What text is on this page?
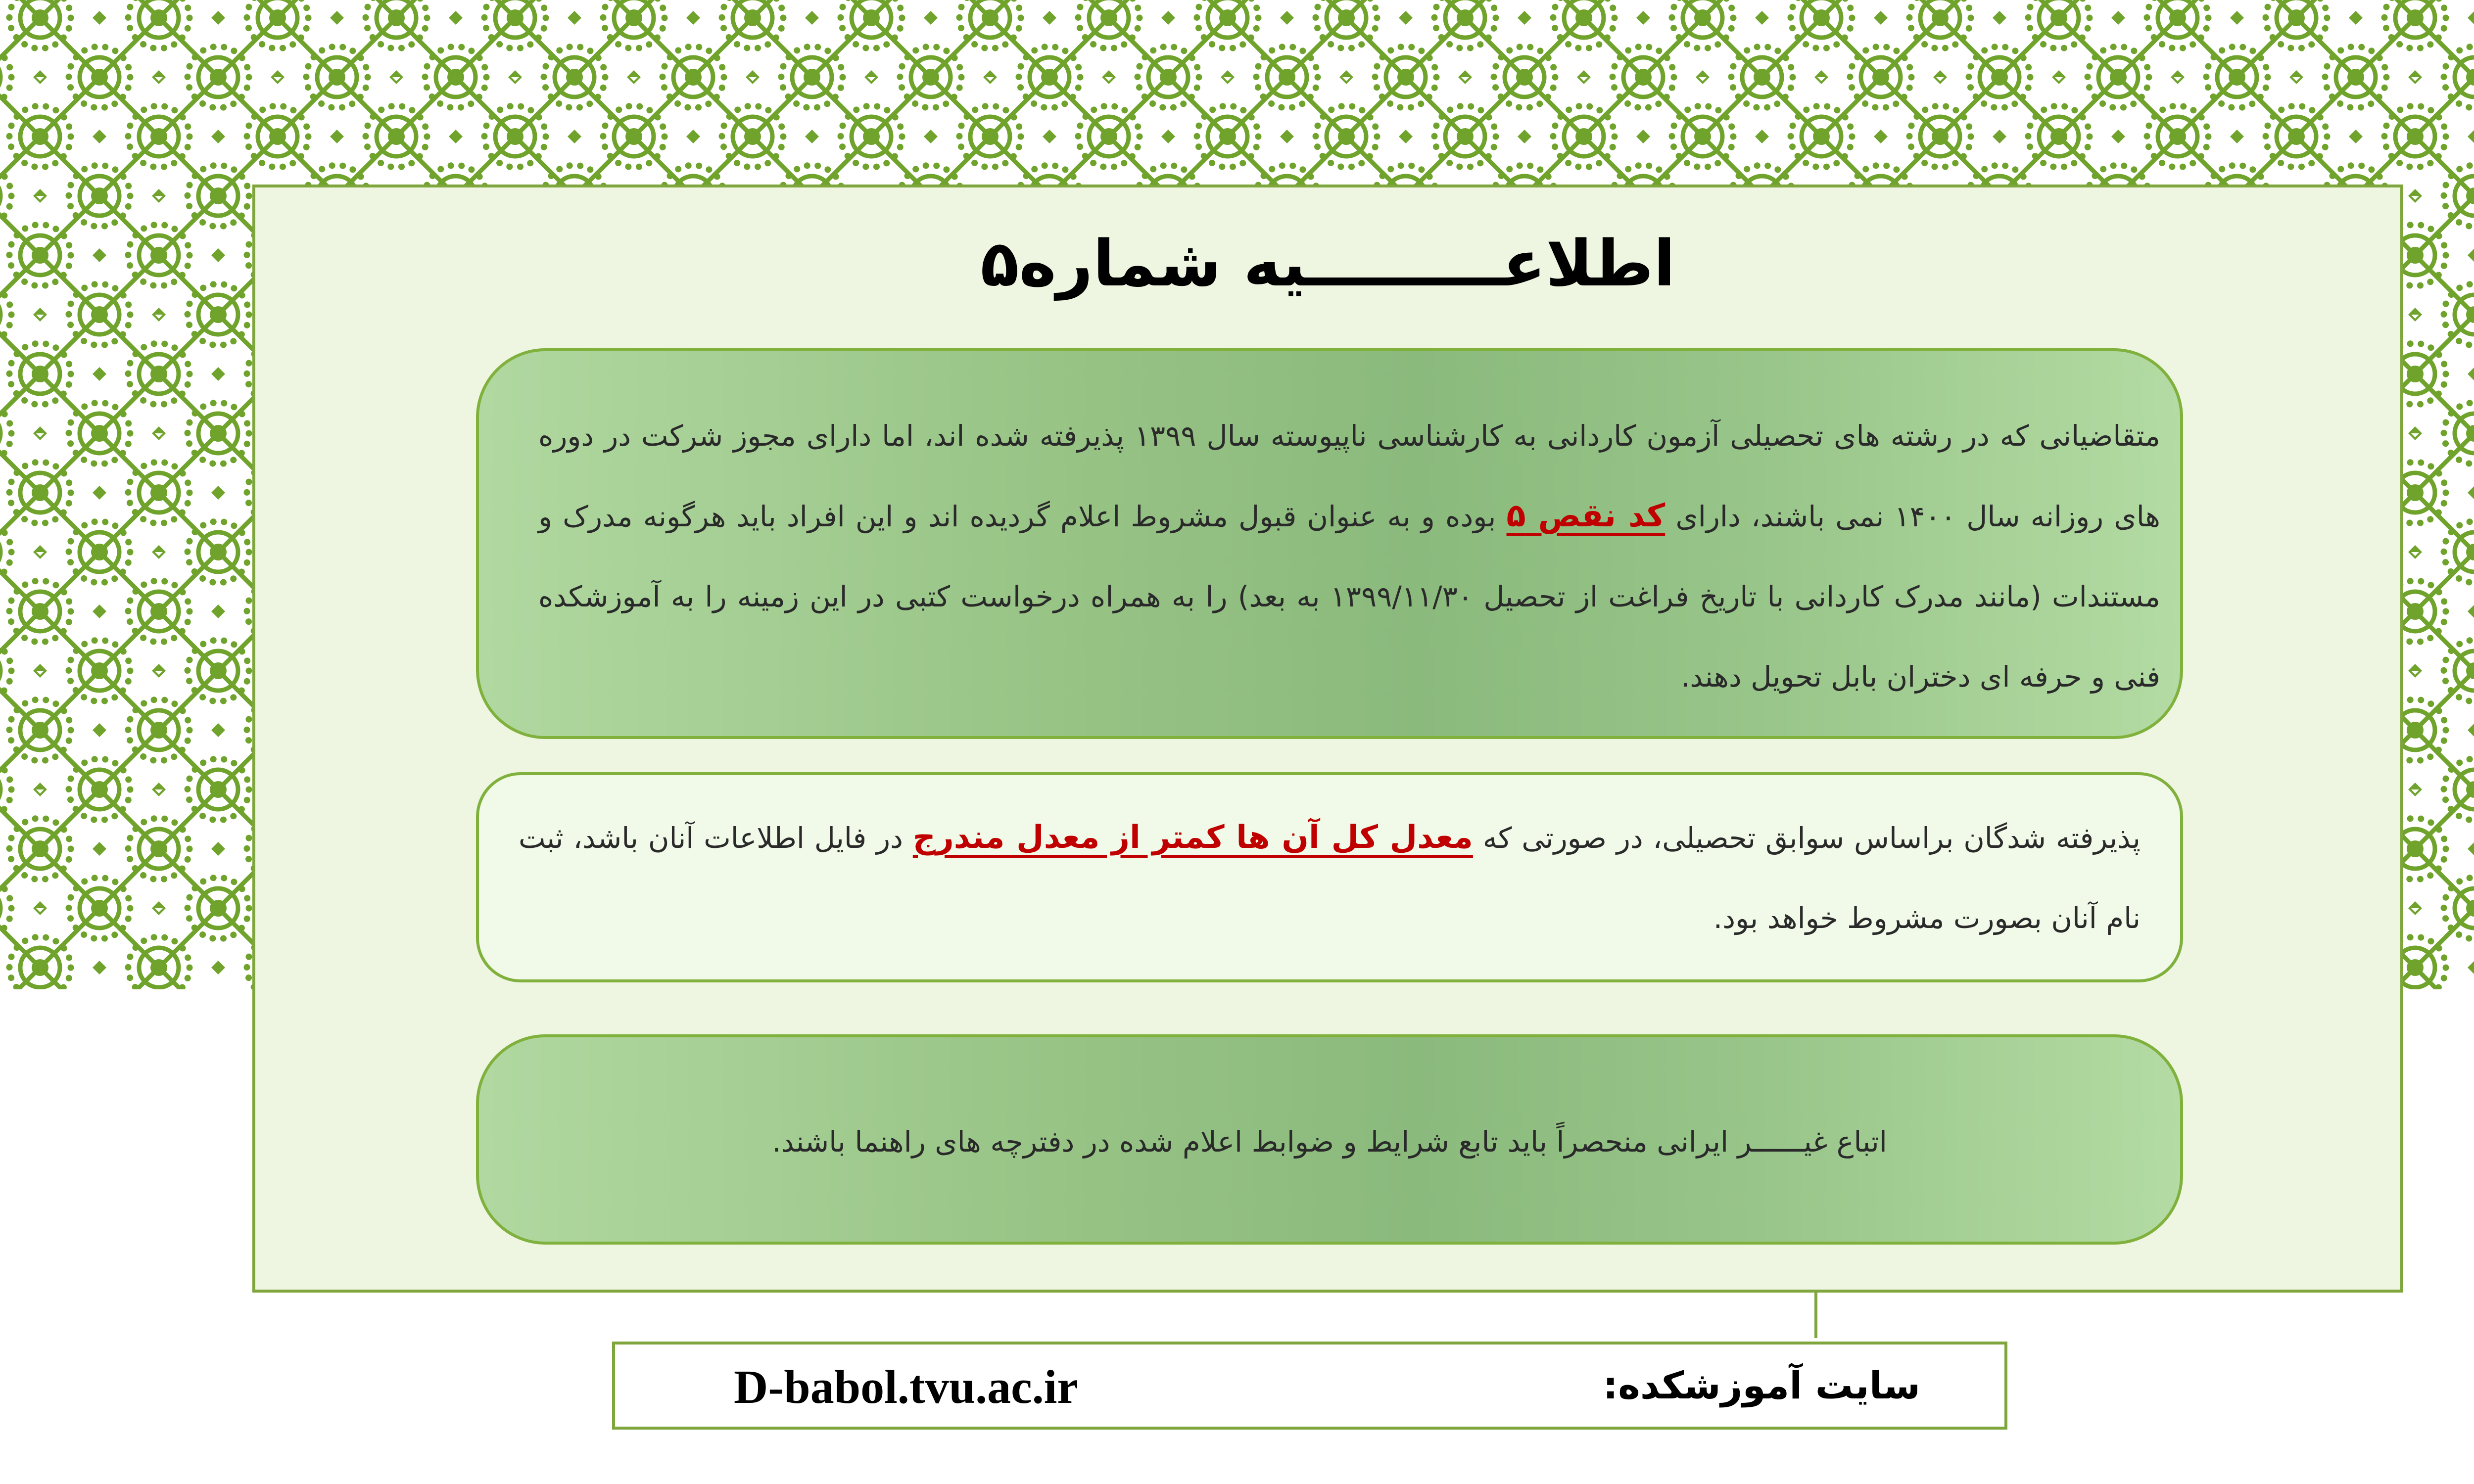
اطلاعـــــــــیه شماره۵

متقاضیانی که در رشته های تحصیلی آزمون کاردانی به کارشناسی ناپیوسته سال ۱۳۹۹ پذیرفته شده اند، اما دارای مجوز شرکت در دوره های روزانه سال ۱۴۰۰ نمی باشند، دارای کد نقص ۵ بوده و به عنوان قبول مشروط اعلام گردیده اند و این افراد باید هرگونه مدرک و مستندات (مانند مدرک کاردانی با تاریخ فراغت از تحصیل ۱۳۹۹/۱۱/۳۰ به بعد) را به همراه درخواست کتبی در این زمینه را به آموزشکده فنی و حرفه ای دختران بابل تحویل دهند.

پذیرفته شدگان براساس سوابق تحصیلی، در صورتی که معدل کل آن ها کمتر از معدل مندرج در فایل اطلاعات آنان باشد، ثبت نام آنان بصورت مشروط خواهد بود.

اتباع غیــــــر ایرانی منحصراً باید تابع شرایط و ضوابط اعلام شده در دفترچه های راهنما باشند.

سایت آموزشکده:
D-babol.tvu.ac.ir
